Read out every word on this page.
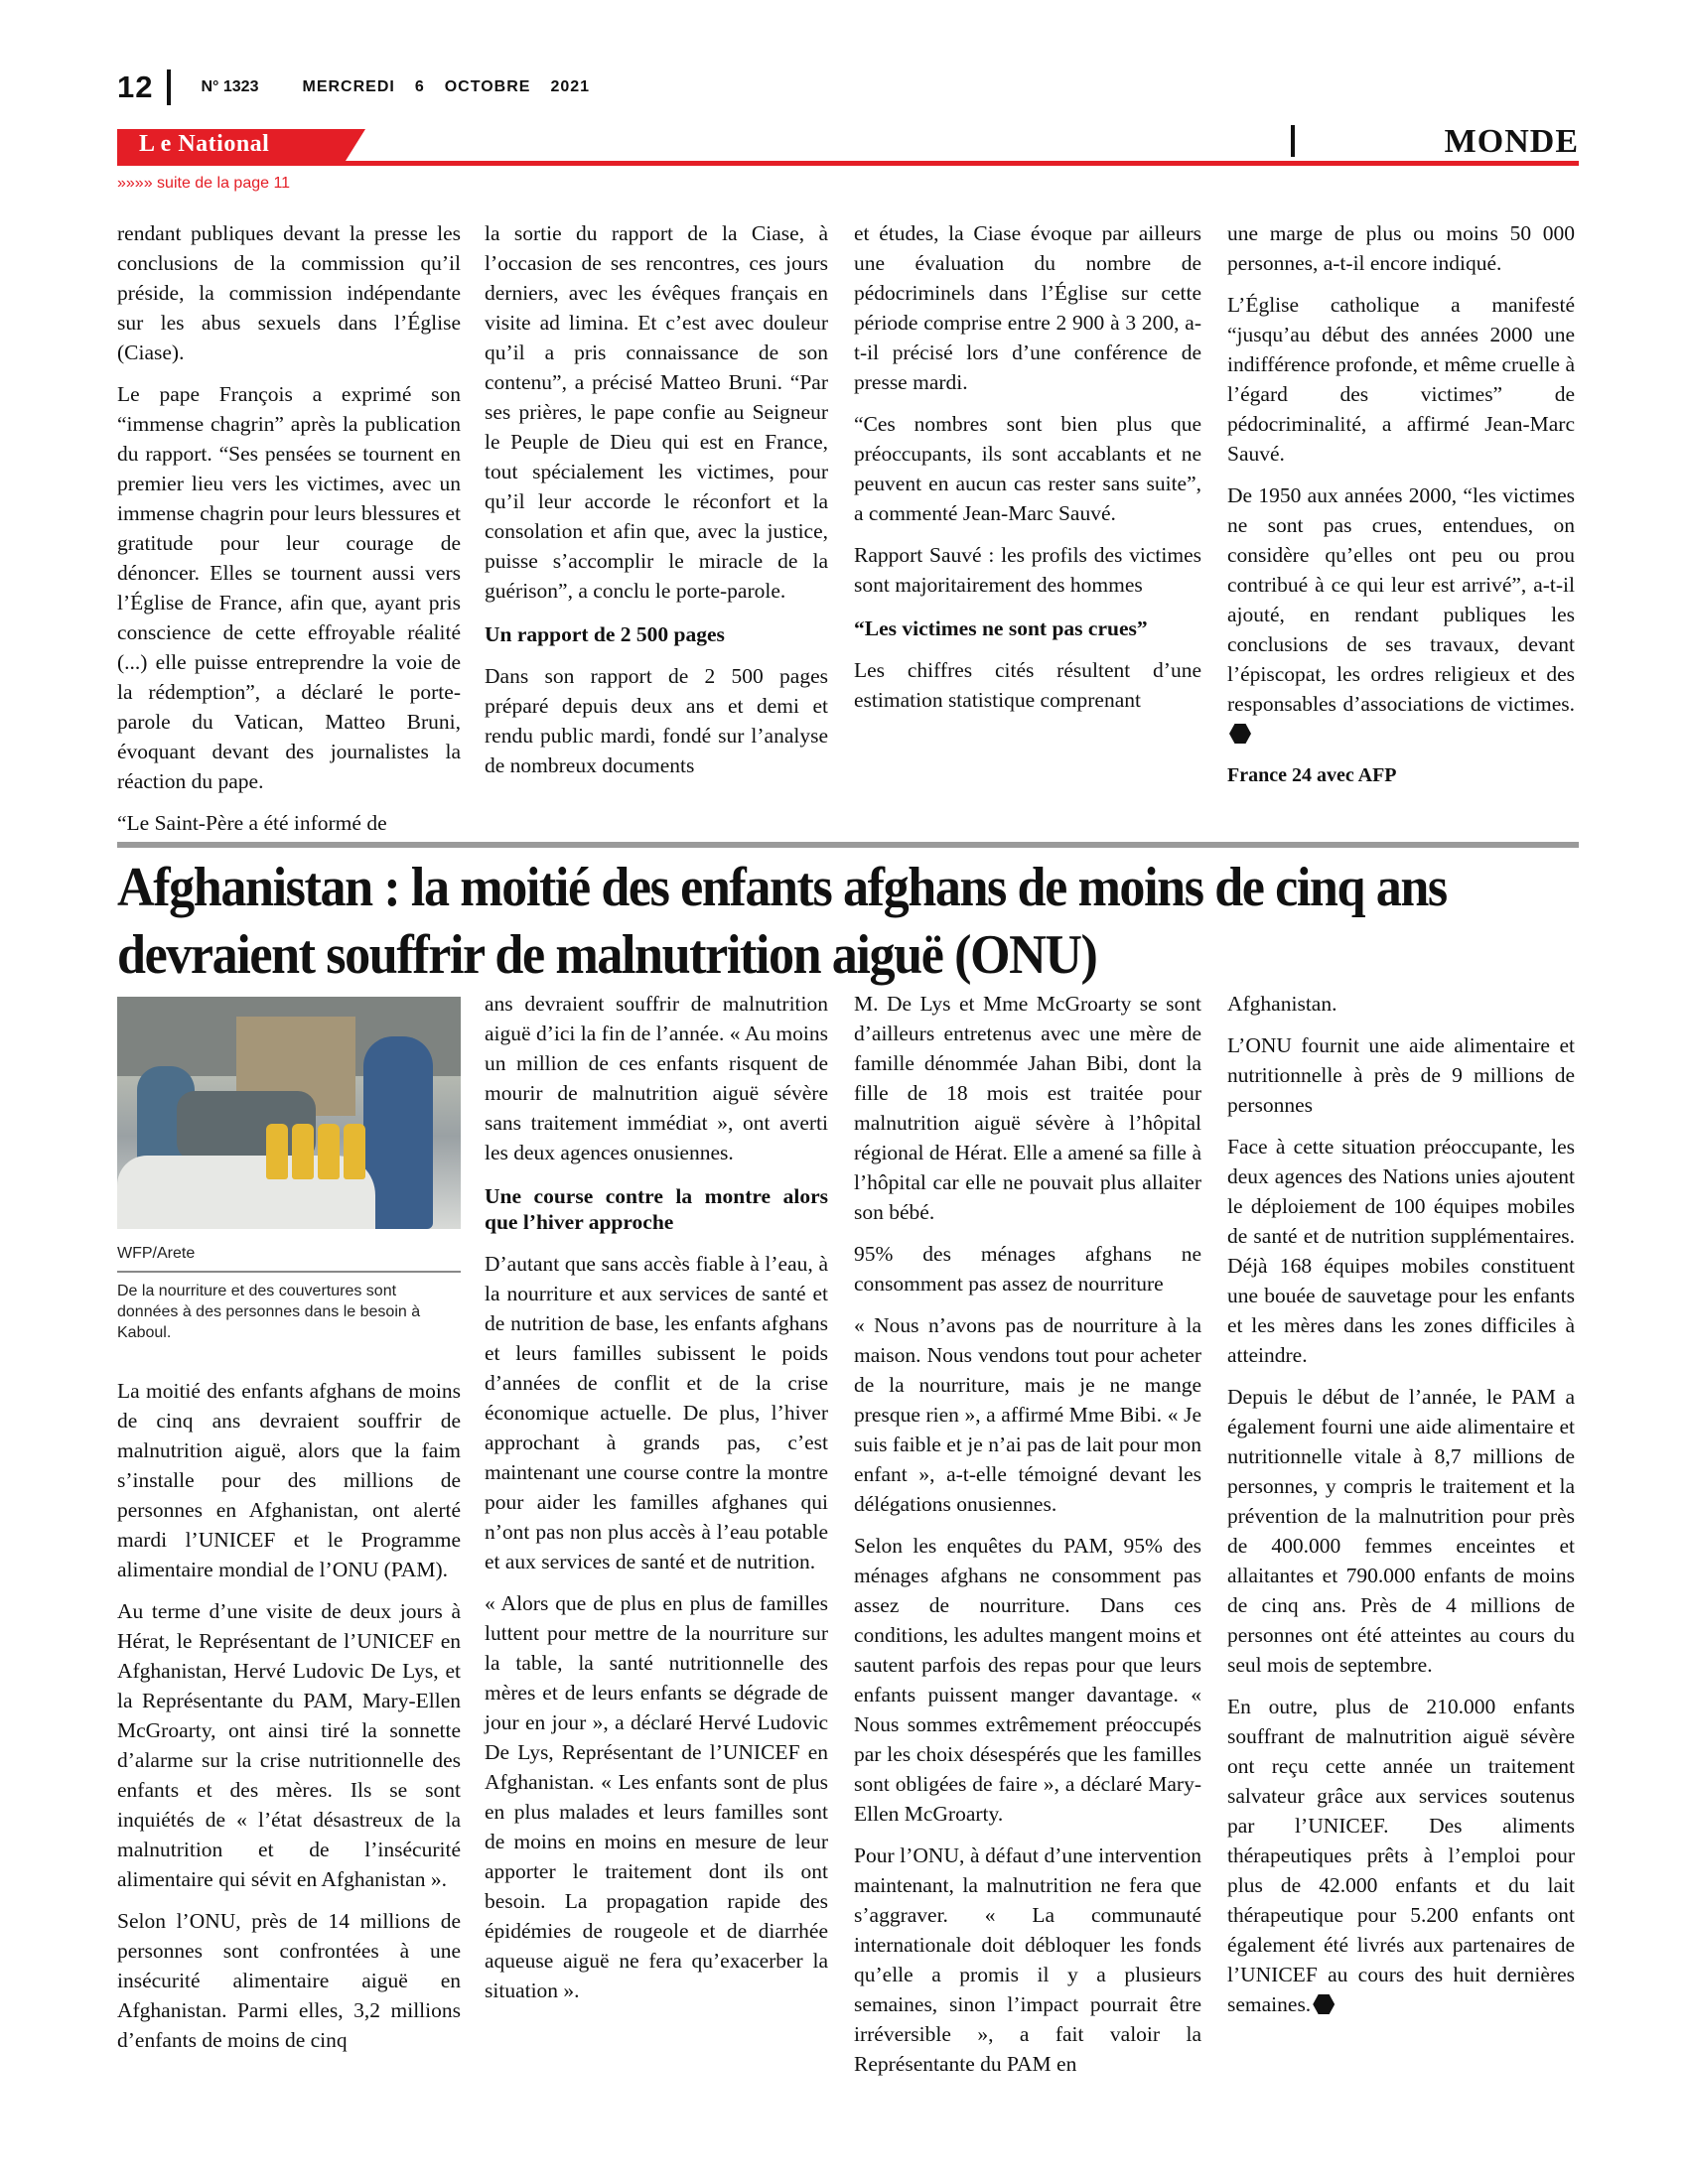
12	N° 1323	MERCREDI 6 OCTOBRE 2021
L e National	MONDE
»»»» suite de la page 11

rendant publiques devant la presse les conclusions de la commission qu’il préside, la commission indépendante sur les abus sexuels dans l’Église (Ciase).

Le pape François a exprimé son “immense chagrin” après la publication du rapport. “Ses pensées se tournent en premier lieu vers les victimes, avec un immense chagrin pour leurs blessures et gratitude pour leur courage de dénoncer. Elles se tournent aussi vers l’Église de France, afin que, ayant pris conscience de cette effroyable réalité (...) elle puisse entreprendre la voie de la rédemption”, a déclaré le porte-parole du Vatican, Matteo Bruni, évoquant devant des journalistes la réaction du pape.

“Le Saint-Père a été informé de

la sortie du rapport de la Ciase, à l’occasion de ses rencontres, ces jours derniers, avec les évêques français en visite ad limina. Et c’est avec douleur qu’il a pris connaissance de son contenu”, a précisé Matteo Bruni. “Par ses prières, le pape confie au Seigneur le Peuple de Dieu qui est en France, tout spécialement les victimes, pour qu’il leur accorde le réconfort et la consolation et afin que, avec la justice, puisse s’accomplir le miracle de la guérison”, a conclu le porte-parole.

Un rapport de 2 500 pages

Dans son rapport de 2 500 pages préparé depuis deux ans et demi et rendu public mardi, fondé sur l’analyse de nombreux documents

et études, la Ciase évoque par ailleurs une évaluation du nombre de pédocriminels dans l’Église sur cette période comprise entre 2 900 à 3 200, a-t-il précisé lors d’une conférence de presse mardi.

“Ces nombres sont bien plus que préoccupants, ils sont accablants et ne peuvent en aucun cas rester sans suite”, a commenté Jean-Marc Sauvé.

Rapport Sauvé : les profils des victimes sont majoritairement des hommes

“Les victimes ne sont pas crues”

Les chiffres cités résultent d’une estimation statistique comprenant

une marge de plus ou moins 50 000 personnes, a-t-il encore indiqué.

L’Église catholique a manifesté “jusqu’au début des années 2000 une indifférence profonde, et même cruelle à l’égard des victimes” de pédocriminalité, a affirmé Jean-Marc Sauvé.

De 1950 aux années 2000, “les victimes ne sont pas crues, entendues, on considère qu’elles ont peu ou prou contribué à ce qui leur est arrivé”, a-t-il ajouté, en rendant publiques les conclusions de ses travaux, devant l’épiscopat, les ordres religieux et des responsables d’associations de victimes.

France 24 avec AFP

Afghanistan : la moitié des enfants afghans de moins de cinq ans devraient souffrir de malnutrition aiguë (ONU)
WFP/Arete
De la nourriture et des couvertures sont données à des personnes dans le besoin à Kaboul.

La moitié des enfants afghans de moins de cinq ans devraient souffrir de malnutrition aiguë, alors que la faim s’installe pour des millions de personnes en Afghanistan, ont alerté mardi l’UNICEF et le Programme alimentaire mondial de l’ONU (PAM).

Au terme d’une visite de deux jours à Hérat, le Représentant de l’UNICEF en Afghanistan, Hervé Ludovic De Lys, et la Représentante du PAM, Mary-Ellen McGroarty, ont ainsi tiré la sonnette d’alarme sur la crise nutritionnelle des enfants et des mères. Ils se sont inquiétés de « l’état désastreux de la malnutrition et de l’insécurité alimentaire qui sévit en Afghanistan ».

Selon l’ONU, près de 14 millions de personnes sont confrontées à une insécurité alimentaire aiguë en Afghanistan. Parmi elles, 3,2 millions d’enfants de moins de cinq

ans devraient souffrir de malnutrition aiguë d’ici la fin de l’année. « Au moins un million de ces enfants risquent de mourir de malnutrition aiguë sévère sans traitement immédiat », ont averti les deux agences onusiennes.

Une course contre la montre alors que l’hiver approche

D’autant que sans accès fiable à l’eau, à la nourriture et aux services de santé et de nutrition de base, les enfants afghans et leurs familles subissent le poids d’années de conflit et de la crise économique actuelle. De plus, l’hiver approchant à grands pas, c’est maintenant une course contre la montre pour aider les familles afghanes qui n’ont pas non plus accès à l’eau potable et aux services de santé et de nutrition.

« Alors que de plus en plus de familles luttent pour mettre de la nourriture sur la table, la santé nutritionnelle des mères et de leurs enfants se dégrade de jour en jour », a déclaré Hervé Ludovic De Lys, Représentant de l’UNICEF en Afghanistan. « Les enfants sont de plus en plus malades et leurs familles sont de moins en moins en mesure de leur apporter le traitement dont ils ont besoin. La propagation rapide des épidémies de rougeole et de diarrhée aqueuse aiguë ne fera qu’exacerber la situation ».

M. De Lys et Mme McGroarty se sont d’ailleurs entretenus avec une mère de famille dénommée Jahan Bibi, dont la fille de 18 mois est traitée pour malnutrition aiguë sévère à l’hôpital régional de Hérat. Elle a amené sa fille à l’hôpital car elle ne pouvait plus allaiter son bébé.

95% des ménages afghans ne consomment pas assez de nourriture

« Nous n’avons pas de nourriture à la maison. Nous vendons tout pour acheter de la nourriture, mais je ne mange presque rien », a affirmé Mme Bibi. « Je suis faible et je n’ai pas de lait pour mon enfant », a-t-elle témoigné devant les délégations onusiennes.

Selon les enquêtes du PAM, 95% des ménages afghans ne consomment pas assez de nourriture. Dans ces conditions, les adultes mangent moins et sautent parfois des repas pour que leurs enfants puissent manger davantage. « Nous sommes extrêmement préoccupés par les choix désespérés que les familles sont obligées de faire », a déclaré Mary-Ellen McGroarty.

Pour l’ONU, à défaut d’une intervention maintenant, la malnutrition ne fera que s’aggraver. « La communauté internationale doit débloquer les fonds qu’elle a promis il y a plusieurs semaines, sinon l’impact pourrait être irréversible », a fait valoir la Représentante du PAM en

Afghanistan.

L’ONU fournit une aide alimentaire et nutritionnelle à près de 9 millions de personnes

Face à cette situation préoccupante, les deux agences des Nations unies ajoutent le déploiement de 100 équipes mobiles de santé et de nutrition supplémentaires. Déjà 168 équipes mobiles constituent une bouée de sauvetage pour les enfants et les mères dans les zones difficiles à atteindre.

Depuis le début de l’année, le PAM a également fourni une aide alimentaire et nutritionnelle vitale à 8,7 millions de personnes, y compris le traitement et la prévention de la malnutrition pour près de 400.000 femmes enceintes et allaitantes et 790.000 enfants de moins de cinq ans. Près de 4 millions de personnes ont été atteintes au cours du seul mois de septembre.

En outre, plus de 210.000 enfants souffrant de malnutrition aiguë sévère ont reçu cette année un traitement salvateur grâce aux services soutenus par l’UNICEF. Des aliments thérapeutiques prêts à l’emploi pour plus de 42.000 enfants et du lait thérapeutique pour 5.200 enfants ont également été livrés aux partenaires de l’UNICEF au cours des huit dernières semaines.
